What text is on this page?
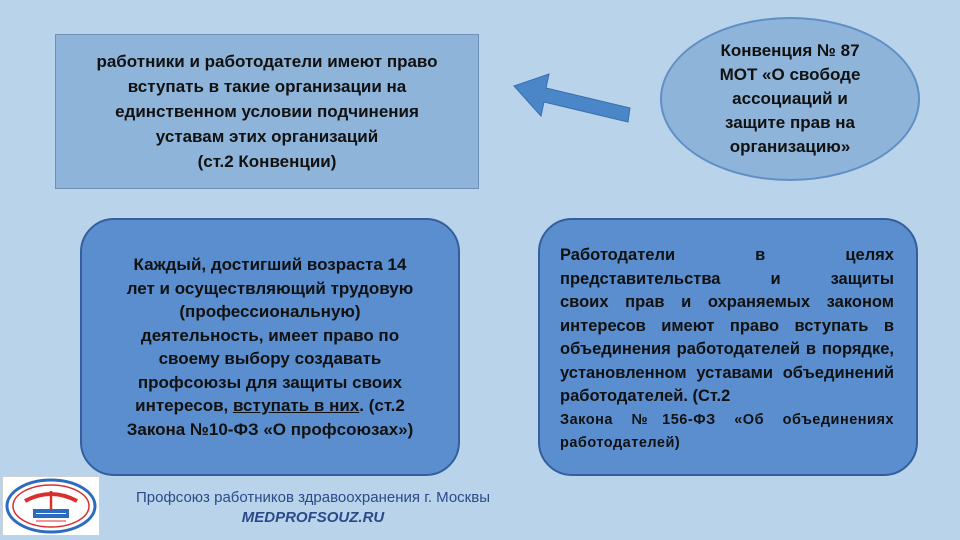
работники и работодатели имеют право
вступать в такие организации на
единственном условии подчинения
уставам этих организаций
(ст.2 Конвенции)
Конвенция № 87
МОТ «О свободе
ассоциаций и
защите прав на
организацию»
Каждый, достигший возраста 14
лет и осуществляющий трудовую
(профессиональную)
деятельность, имеет право по
своему выбору создавать
профсоюзы для защиты своих
интересов, вступать в них. (ст.2
Закона №10-ФЗ «О профсоюзах»)
Работодатели	в	целях
представительства	и	защиты
своих прав и охраняемых законом интересов имеют право вступать в объединения работодателей в порядке, установленном уставами объединений работодателей. (Ст.2
Закона №156-ФЗ «Об объединениях работодателей)
Профсоюз работников здравоохранения г. Москвы
MEDPROFSOUZ.RU
